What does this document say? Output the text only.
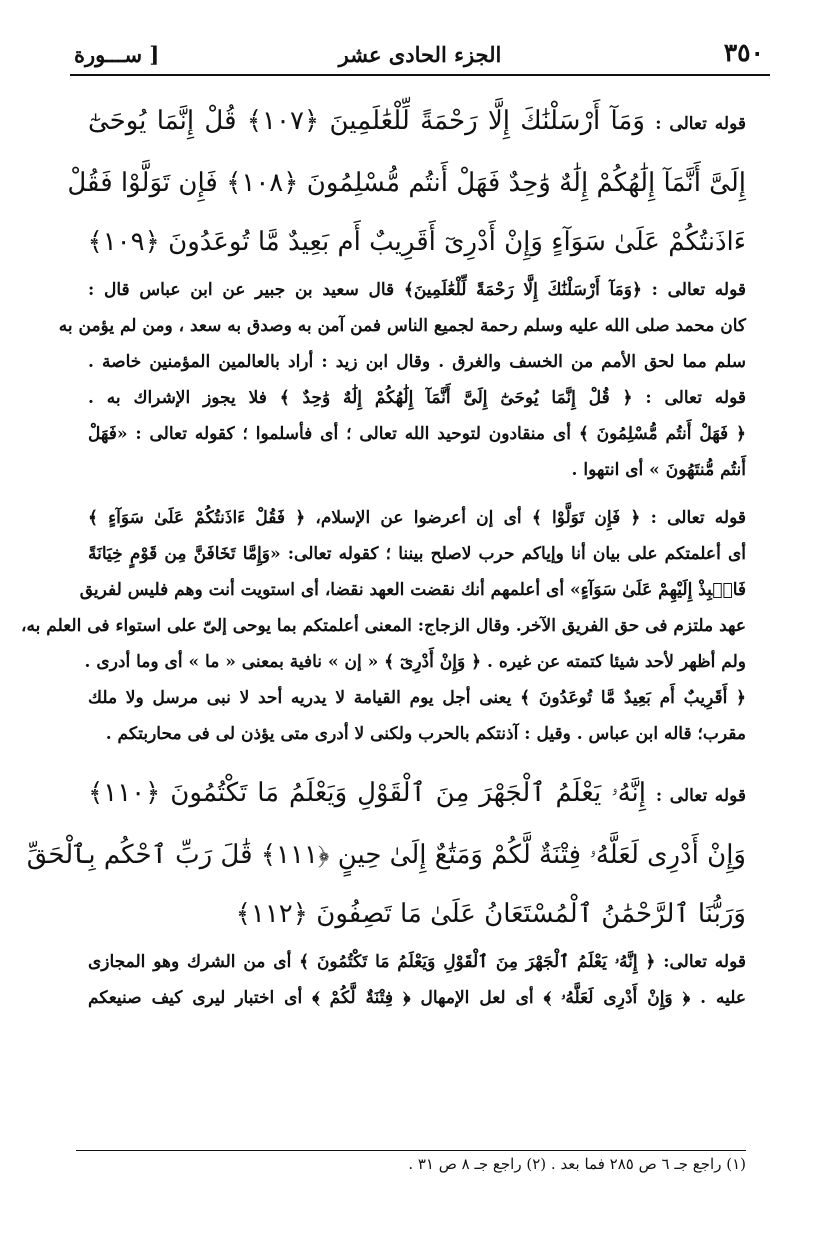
٣٥٠
الجزء الحادى عشر
[ ســـورة
قوله تعالى : وَمَآ أَرْسَلْنَٰكَ إِلَّا رَحْمَةً لِّلْعَٰلَمِينَ ﴿١٠٧﴾ قُلْ إِنَّمَا يُوحَىٰٓ
إِلَىَّ أَنَّمَآ إِلَٰهُكُمْ إِلَٰهٌ وَٰحِدٌ فَهَلْ أَنتُم مُّسْلِمُونَ ﴿١٠٨﴾ فَإِن تَوَلَّوْا فَقُلْ
ءَاذَنتُكُمْ عَلَىٰ سَوَآءٍ وَإِنْ أَدْرِىٓ أَقَرِيبٌ أَم بَعِيدٌ مَّا تُوعَدُونَ ﴿١٠٩﴾
قوله تعالى : ﴿وَمَآ أَرْسَلْنَٰكَ إِلَّا رَحْمَةً لِّلْعَٰلَمِينَ﴾ قال سعيد بن جبير عن ابن عباس قال :
كان محمد صلى الله عليه وسلم رحمة لجميع الناس فمن آمن به وصدق به سعد ، ومن لم يؤمن به
سلم مما لحق الأمم من الخسف والغرق . وقال ابن زيد : أراد بالعالمين المؤمنين خاصة .
قوله تعالى : ﴿ قُلْ إِنَّمَا يُوحَىٰٓ إِلَىَّ أَنَّمَآ إِلَٰهُكُمْ إِلَٰهٌ وَٰحِدٌ ﴾ فلا يجوز الإشراك به .
﴿ فَهَلْ أَنتُم مُّسْلِمُونَ ﴾ أى منقادون لتوحيد الله تعالى ؛ أى فأسلموا ؛ كقوله تعالى : «فَهَلْ
أَنتُم مُّنتَهُونَ » أى انتهوا .
قوله تعالى : ﴿ فَإِن تَوَلَّوْا ﴾ أى إن أعرضوا عن الإسلام، ﴿ فَقُلْ ءَاذَنتُكُمْ عَلَىٰ سَوَآءٍ ﴾
أى أعلمتكم على بيان أنا وإياكم حرب لاصلح بيننا ؛ كقوله تعالى: «وَإِمَّا تَخَافَنَّ مِن قَوْمٍ خِيَانَةً
فَانۢبِذْ إِلَيْهِمْ عَلَىٰ سَوَآءٍ» أى أعلمهم أنك نقضت العهد نقضا، أى استويت أنت وهم فليس لفريق
عهد ملتزم فى حق الفريق الآخر. وقال الزجاج: المعنى أعلمتكم بما يوحى إلىّ على استواء فى العلم به،
ولم أظهر لأحد شيئا كتمته عن غيره . ﴿ وَإِنْ أَدْرِىٓ ﴾ « إن » نافية بمعنى « ما » أى وما أدرى .
﴿ أَقَرِيبٌ أَم بَعِيدٌ مَّا تُوعَدُونَ ﴾ يعنى أجل يوم القيامة لا يدريه أحد لا نبى مرسل ولا ملك
مقرب؛ قاله ابن عباس . وقيل : آذنتكم بالحرب ولكنى لا أدرى متى يؤذن لى فى محاربتكم .
قوله تعالى : إِنَّهُۥ يَعْلَمُ ٱلْجَهْرَ مِنَ ٱلْقَوْلِ وَيَعْلَمُ مَا تَكْتُمُونَ ﴿١١٠﴾
وَإِنْ أَدْرِى لَعَلَّهُۥ فِتْنَةٌ لَّكُمْ وَمَتَٰعٌ إِلَىٰ حِينٍ ﴿١١١﴾ قَٰلَ رَبِّ ٱحْكُم بِٱلْحَقِّ
وَرَبُّنَا ٱلرَّحْمَٰنُ ٱلْمُسْتَعَانُ عَلَىٰ مَا تَصِفُونَ ﴿١١٢﴾
قوله تعالى: ﴿ إِنَّهُۥ يَعْلَمُ ٱلْجَهْرَ مِنَ ٱلْقَوْلِ وَيَعْلَمُ مَا تَكْتُمُونَ ﴾ أى من الشرك وهو المجازى
عليه . ﴿ وَإِنْ أَدْرِى لَعَلَّهُۥ ﴾ أى لعل الإمهال ﴿ فِتْنَةٌ لَّكُمْ ﴾ أى اختبار ليرى كيف صنيعكم
(١) راجع جـ ٦ ص ٢٨٥ فما بعد . (٢) راجع جـ ٨ ص ٣١ .
